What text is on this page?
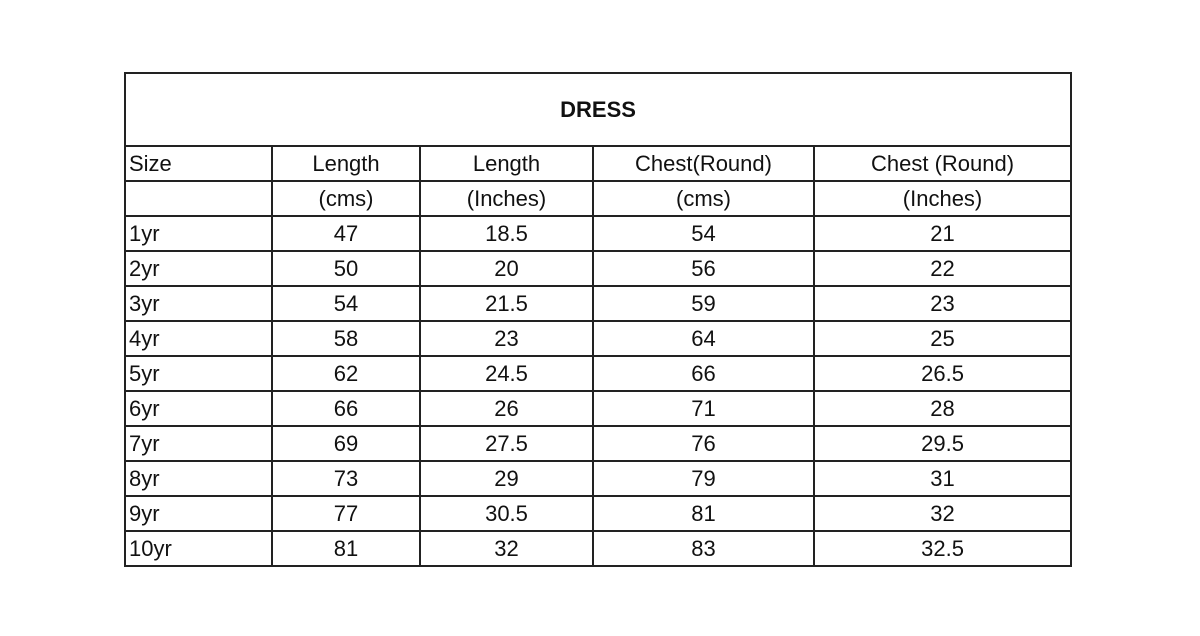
DRESS				
Size	Length	Length	Chest(Round)	Chest (Round)
	(cms)	(Inches)	(cms)	(Inches)
1yr	47	18.5	54	21
2yr	50	20	56	22
3yr	54	21.5	59	23
4yr	58	23	64	25
5yr	62	24.5	66	26.5
6yr	66	26	71	28
7yr	69	27.5	76	29.5
8yr	73	29	79	31
9yr	77	30.5	81	32
10yr	81	32	83	32.5
